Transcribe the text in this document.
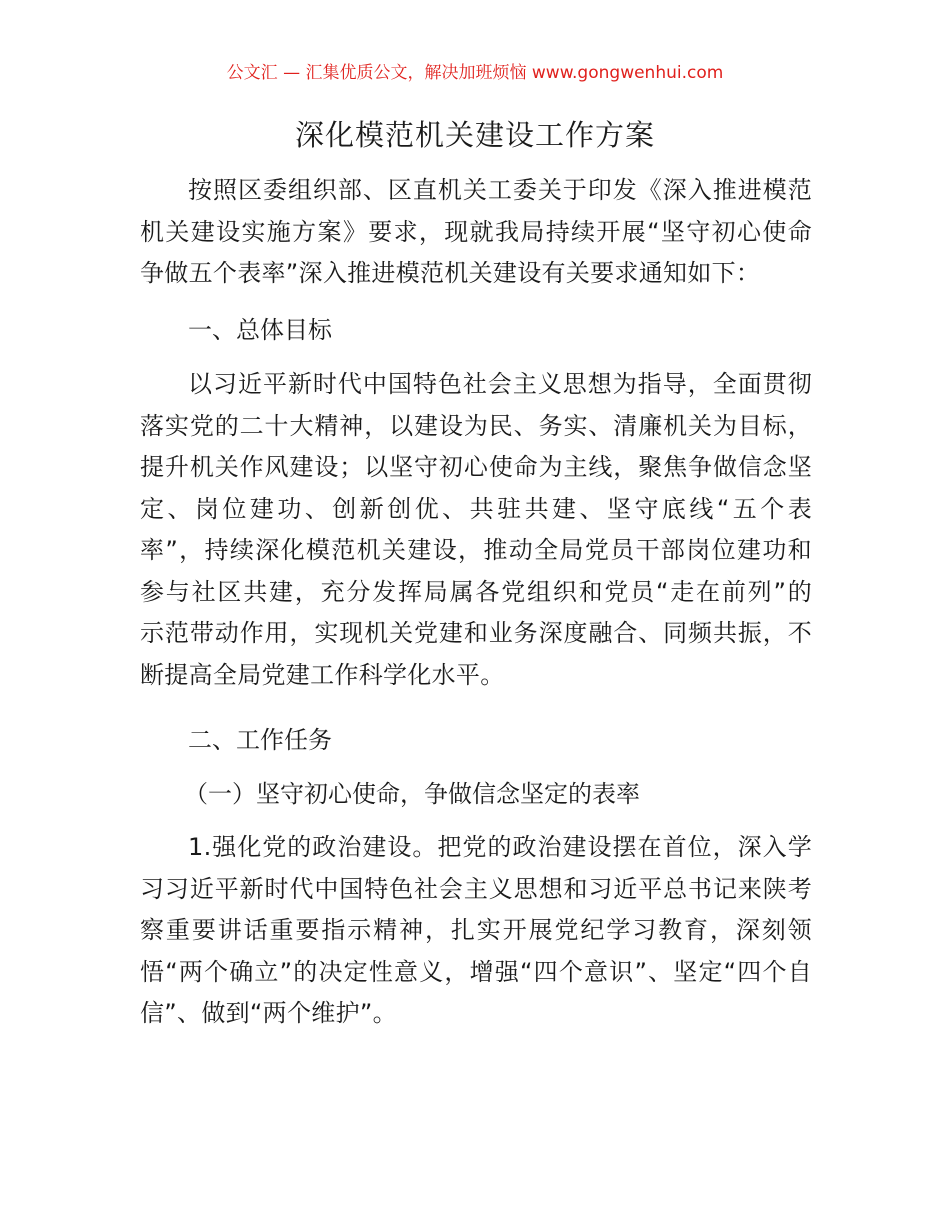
公文汇 — 汇集优质公文，解决加班烦恼 www.gongwenhui.com
深化模范机关建设工作方案
按照区委组织部、区直机关工委关于印发《深入推进模范
机关建设实施方案》要求，现就我局持续开展“坚守初心使命
争做五个表率”深入推进模范机关建设有关要求通知如下：
一、总体目标
以习近平新时代中国特色社会主义思想为指导，全面贯彻
落实党的二十大精神，以建设为民、务实、清廉机关为目标，
提升机关作风建设；以坚守初心使命为主线，聚焦争做信念坚
定、岗位建功、创新创优、共驻共建、坚守底线“五个表
率”，持续深化模范机关建设，推动全局党员干部岗位建功和
参与社区共建，充分发挥局属各党组织和党员“走在前列”的
示范带动作用，实现机关党建和业务深度融合、同频共振，不
断提高全局党建工作科学化水平。
二、工作任务
（一）坚守初心使命，争做信念坚定的表率
1.强化党的政治建设。把党的政治建设摆在首位，深入学
习习近平新时代中国特色社会主义思想和习近平总书记来陕考
察重要讲话重要指示精神，扎实开展党纪学习教育，深刻领
悟“两个确立”的决定性意义，增强“四个意识”、坚定“四个自
信”、做到“两个维护”。
